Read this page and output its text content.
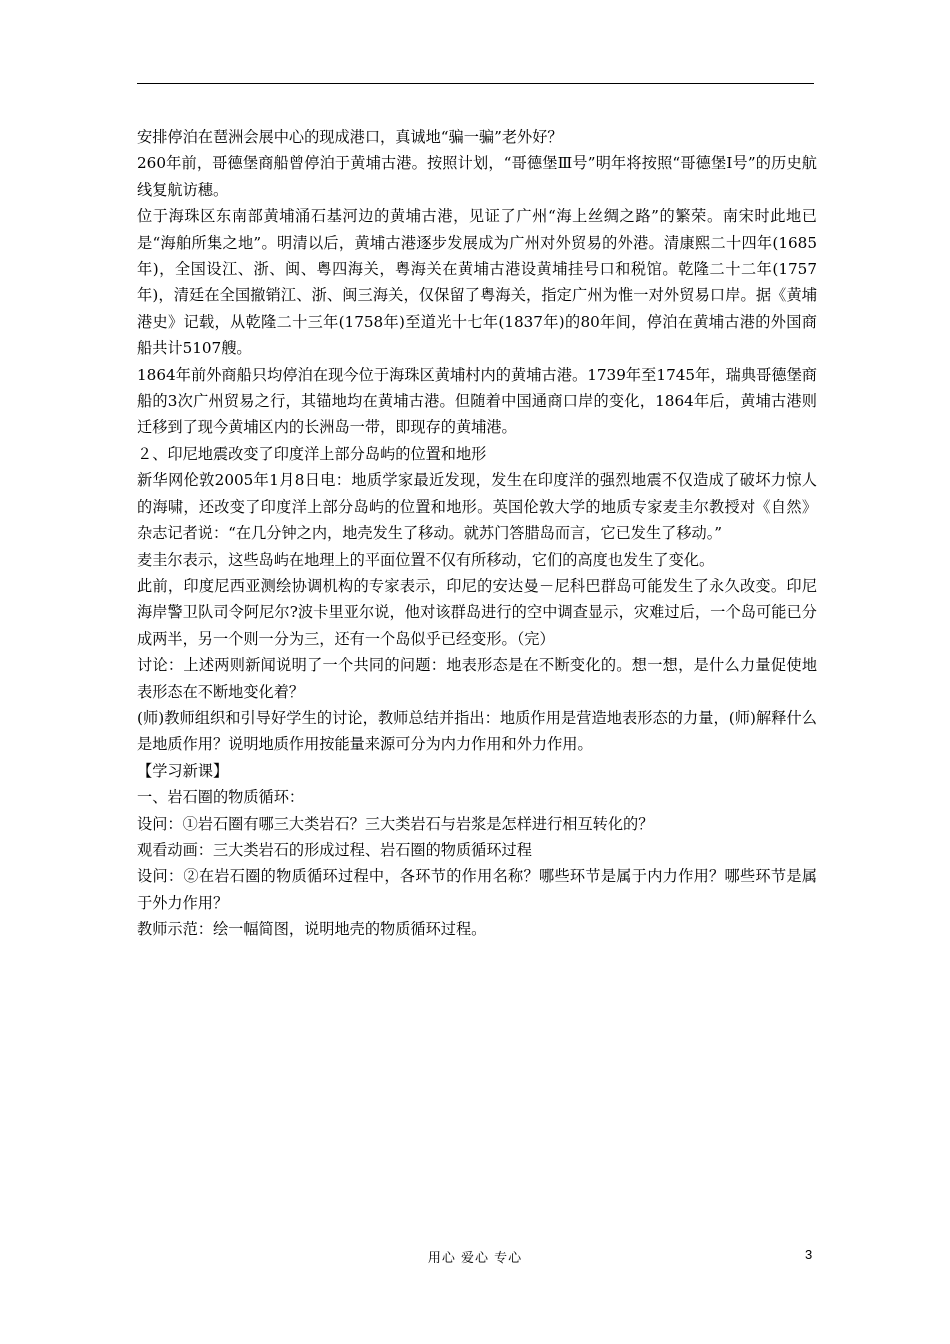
安排停泊在琶洲会展中心的现成港口，真诚地“骗一骗”老外好？

260年前，哥德堡商船曾停泊于黄埔古港。按照计划，“哥德堡Ⅲ号”明年将按照“哥德堡Ⅰ号”的历史航线复航访穗。

位于海珠区东南部黄埔涌石基河边的黄埔古港，见证了广州“海上丝绸之路”的繁荣。南宋时此地已是“海舶所集之地”。明清以后，黄埔古港逐步发展成为广州对外贸易的外港。清康熙二十四年(1685年)，全国设江、浙、闽、粤四海关，粤海关在黄埔古港设黄埔挂号口和税馆。乾隆二十二年(1757年)，清廷在全国撤销江、浙、闽三海关，仅保留了粤海关，指定广州为惟一对外贸易口岸。据《黄埔港史》记载，从乾隆二十三年(1758年)至道光十七年(1837年)的80年间，停泊在黄埔古港的外国商船共计5107艘。

1864年前外商船只均停泊在现今位于海珠区黄埔村内的黄埔古港。1739年至1745年，瑞典哥德堡商船的3次广州贸易之行，其锚地均在黄埔古港。但随着中国通商口岸的变化，1864年后，黄埔古港则迁移到了现今黄埔区内的长洲岛一带，即现存的黄埔港。

２、印尼地震改变了印度洋上部分岛屿的位置和地形

新华网伦敦2005年1月8日电：地质学家最近发现，发生在印度洋的强烈地震不仅造成了破坏力惊人的海啸，还改变了印度洋上部分岛屿的位置和地形。英国伦敦大学的地质专家麦圭尔教授对《自然》杂志记者说：“在几分钟之内，地壳发生了移动。就苏门答腊岛而言，它已发生了移动。”

麦圭尔表示，这些岛屿在地理上的平面位置不仅有所移动，它们的高度也发生了变化。

此前，印度尼西亚测绘协调机构的专家表示，印尼的安达曼－尼科巴群岛可能发生了永久改变。印尼海岸警卫队司令阿尼尔?波卡里亚尔说，他对该群岛进行的空中调查显示，灾难过后，一个岛可能已分成两半，另一个则一分为三，还有一个岛似乎已经变形。（完）

讨论：上述两则新闻说明了一个共同的问题：地表形态是在不断变化的。想一想，是什么力量促使地表形态在不断地变化着？

(师)教师组织和引导好学生的讨论，教师总结并指出：地质作用是营造地表形态的力量，(师)解释什么是地质作用？说明地质作用按能量来源可分为内力作用和外力作用。

【学习新课】

一、岩石圈的物质循环：

设问：①岩石圈有哪三大类岩石？三大类岩石与岩浆是怎样进行相互转化的？

观看动画：三大类岩石的形成过程、岩石圈的物质循环过程

设问：②在岩石圈的物质循环过程中，各环节的作用名称？哪些环节是属于内力作用？哪些环节是属于外力作用？

教师示范：绘一幅简图，说明地壳的物质循环过程。

用心 爱心 专心	3
